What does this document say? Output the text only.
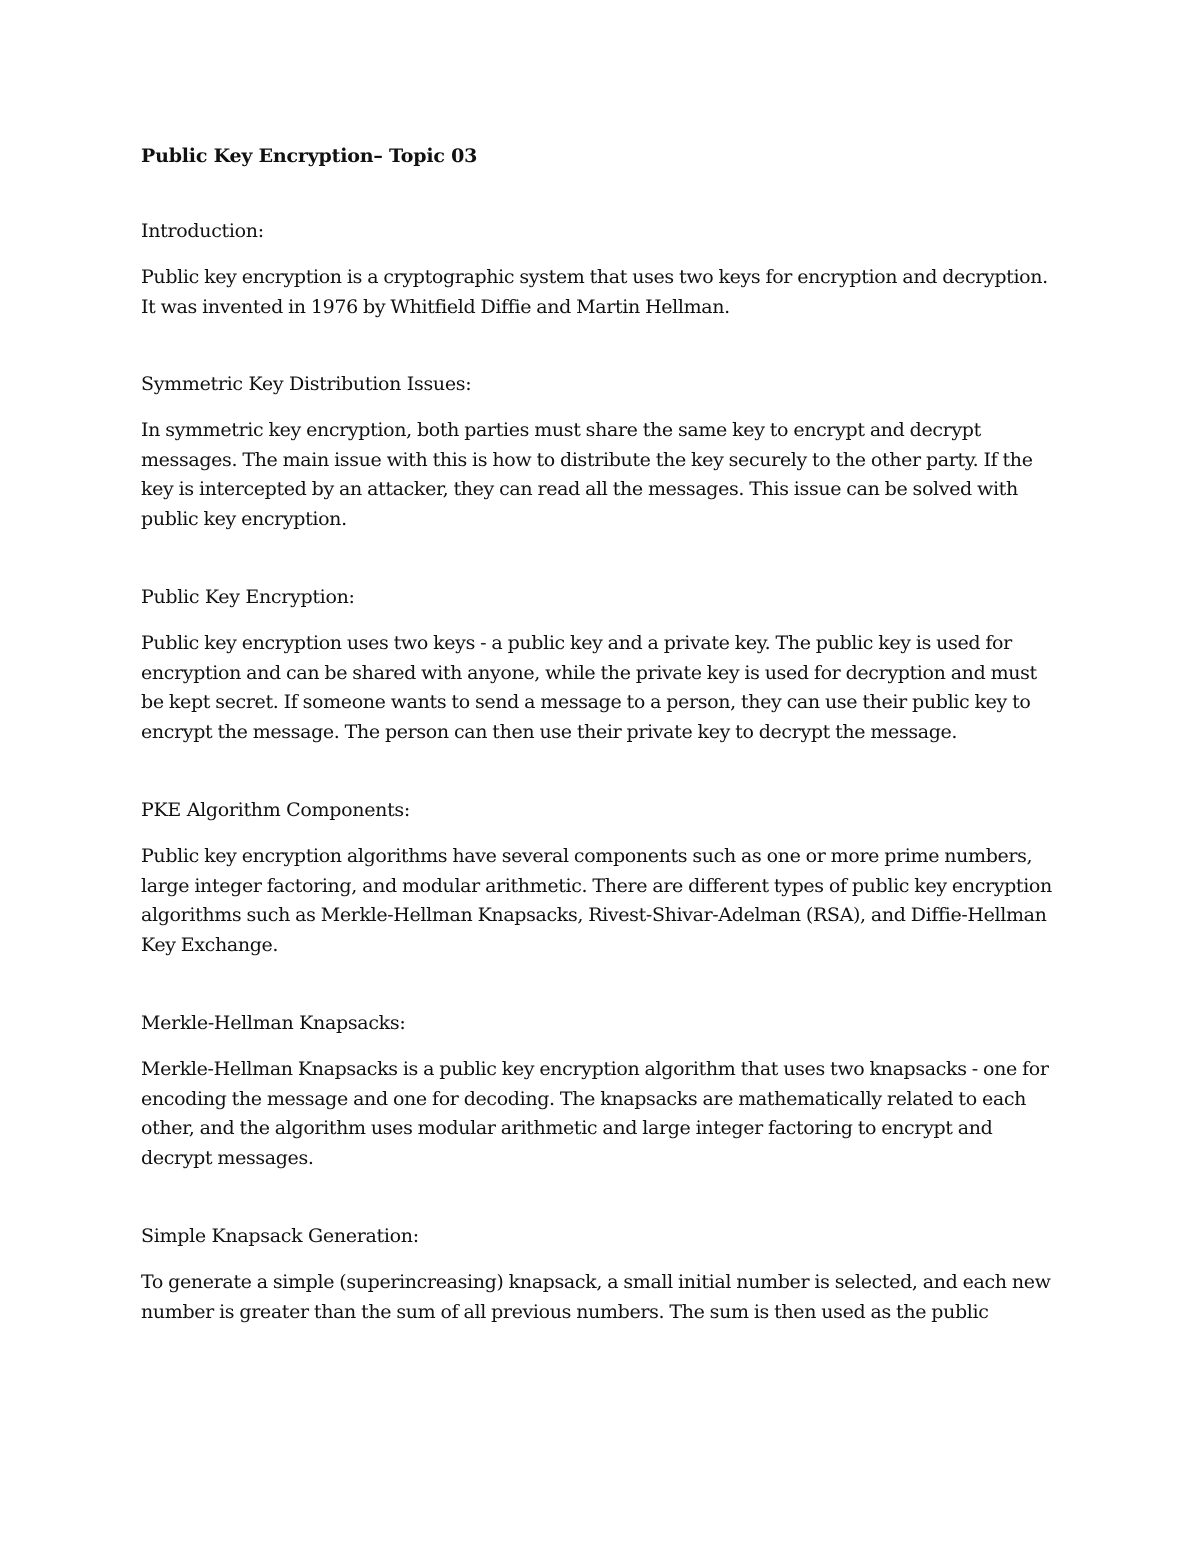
Public Key Encryption– Topic 03
Introduction:

Public key encryption is a cryptographic system that uses two keys for encryption and decryption. It was invented in 1976 by Whitfield Diffie and Martin Hellman.

Symmetric Key Distribution Issues:

In symmetric key encryption, both parties must share the same key to encrypt and decrypt messages. The main issue with this is how to distribute the key securely to the other party. If the key is intercepted by an attacker, they can read all the messages. This issue can be solved with public key encryption.

Public Key Encryption:

Public key encryption uses two keys - a public key and a private key. The public key is used for encryption and can be shared with anyone, while the private key is used for decryption and must be kept secret. If someone wants to send a message to a person, they can use their public key to encrypt the message. The person can then use their private key to decrypt the message.

PKE Algorithm Components:

Public key encryption algorithms have several components such as one or more prime numbers, large integer factoring, and modular arithmetic. There are different types of public key encryption algorithms such as Merkle-Hellman Knapsacks, Rivest-Shivar-Adelman (RSA), and Diffie-Hellman Key Exchange.

Merkle-Hellman Knapsacks:

Merkle-Hellman Knapsacks is a public key encryption algorithm that uses two knapsacks - one for encoding the message and one for decoding. The knapsacks are mathematically related to each other, and the algorithm uses modular arithmetic and large integer factoring to encrypt and decrypt messages.

Simple Knapsack Generation:

To generate a simple (superincreasing) knapsack, a small initial number is selected, and each new number is greater than the sum of all previous numbers. The sum is then used as the public
